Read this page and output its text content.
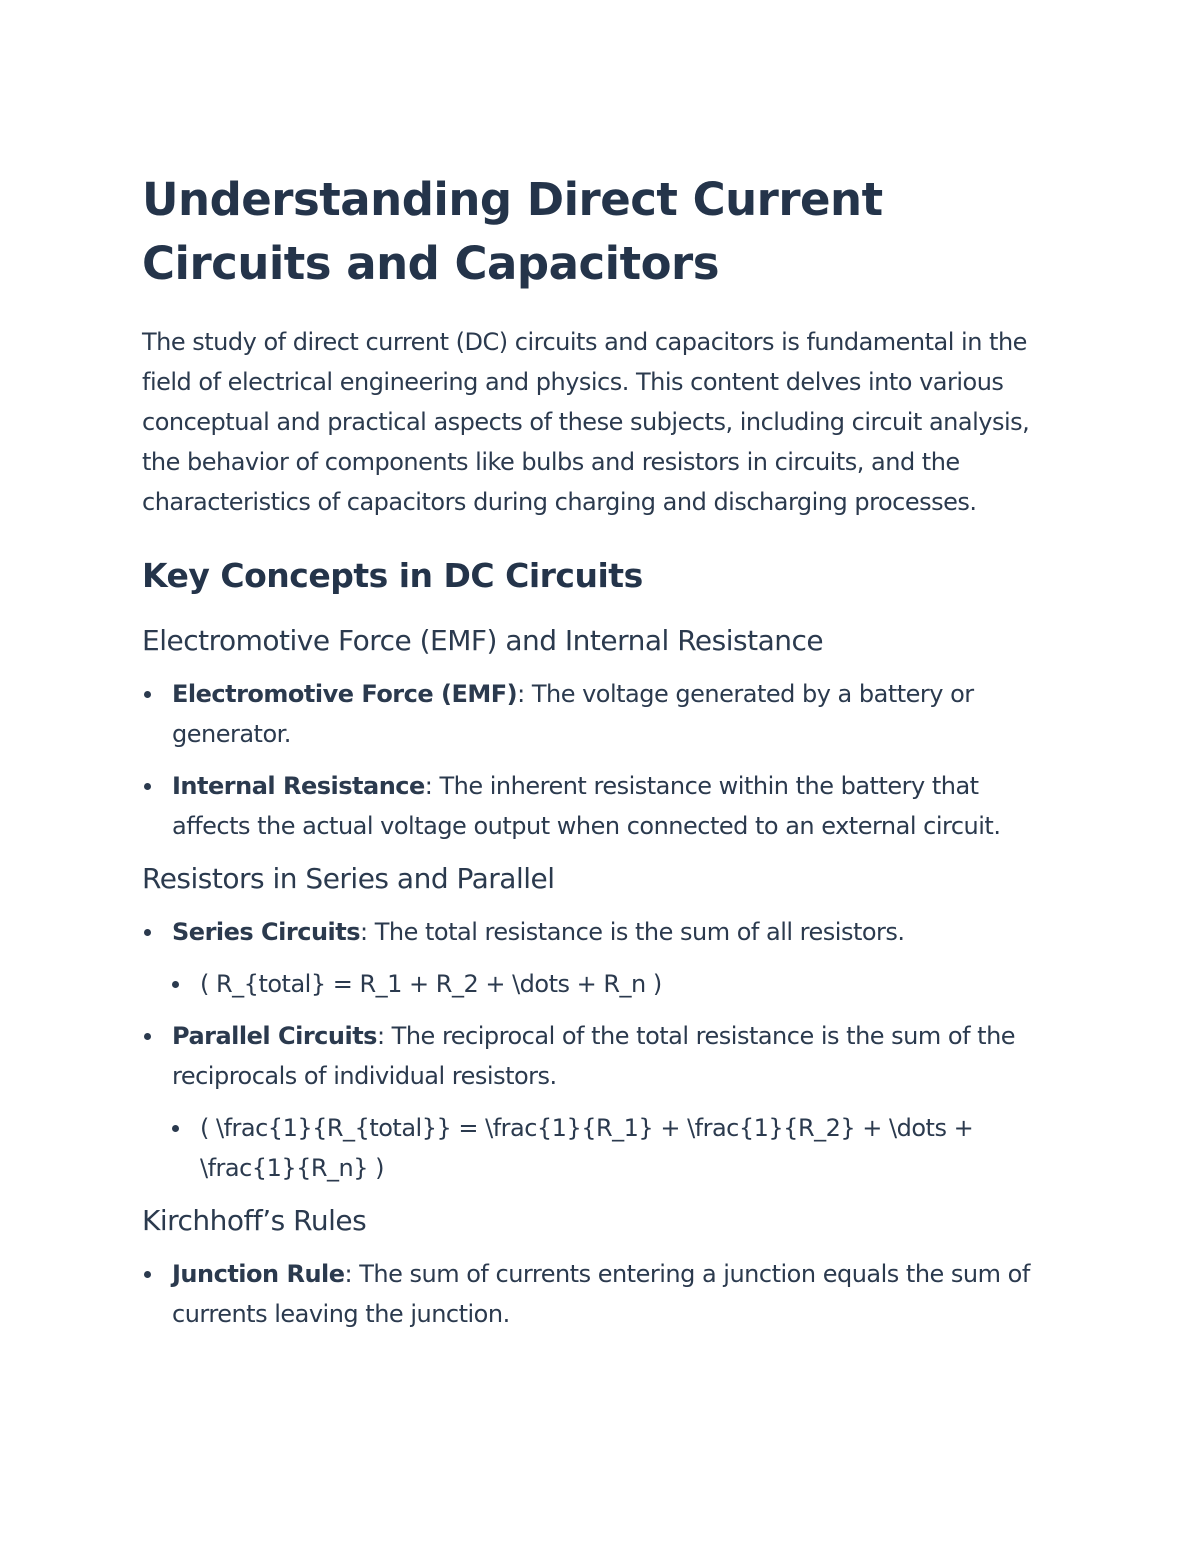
Understanding Direct Current Circuits and Capacitors

The study of direct current (DC) circuits and capacitors is fundamental in the field of electrical engineering and physics. This content delves into various conceptual and practical aspects of these subjects, including circuit analysis, the behavior of components like bulbs and resistors in circuits, and the characteristics of capacitors during charging and discharging processes.

Key Concepts in DC Circuits
Electromotive Force (EMF) and Internal Resistance
Electromotive Force (EMF): The voltage generated by a battery or generator.
Internal Resistance: The inherent resistance within the battery that affects the actual voltage output when connected to an external circuit.
Resistors in Series and Parallel
Series Circuits: The total resistance is the sum of all resistors.
( R_{total} = R_1 + R_2 + \dots + R_n )
Parallel Circuits: The reciprocal of the total resistance is the sum of the reciprocals of individual resistors.
( \frac{1}{R_{total}} = \frac{1}{R_1} + \frac{1}{R_2} + \dots + \frac{1}{R_n} )
Kirchhoff’s Rules
Junction Rule: The sum of currents entering a junction equals the sum of currents leaving the junction.
